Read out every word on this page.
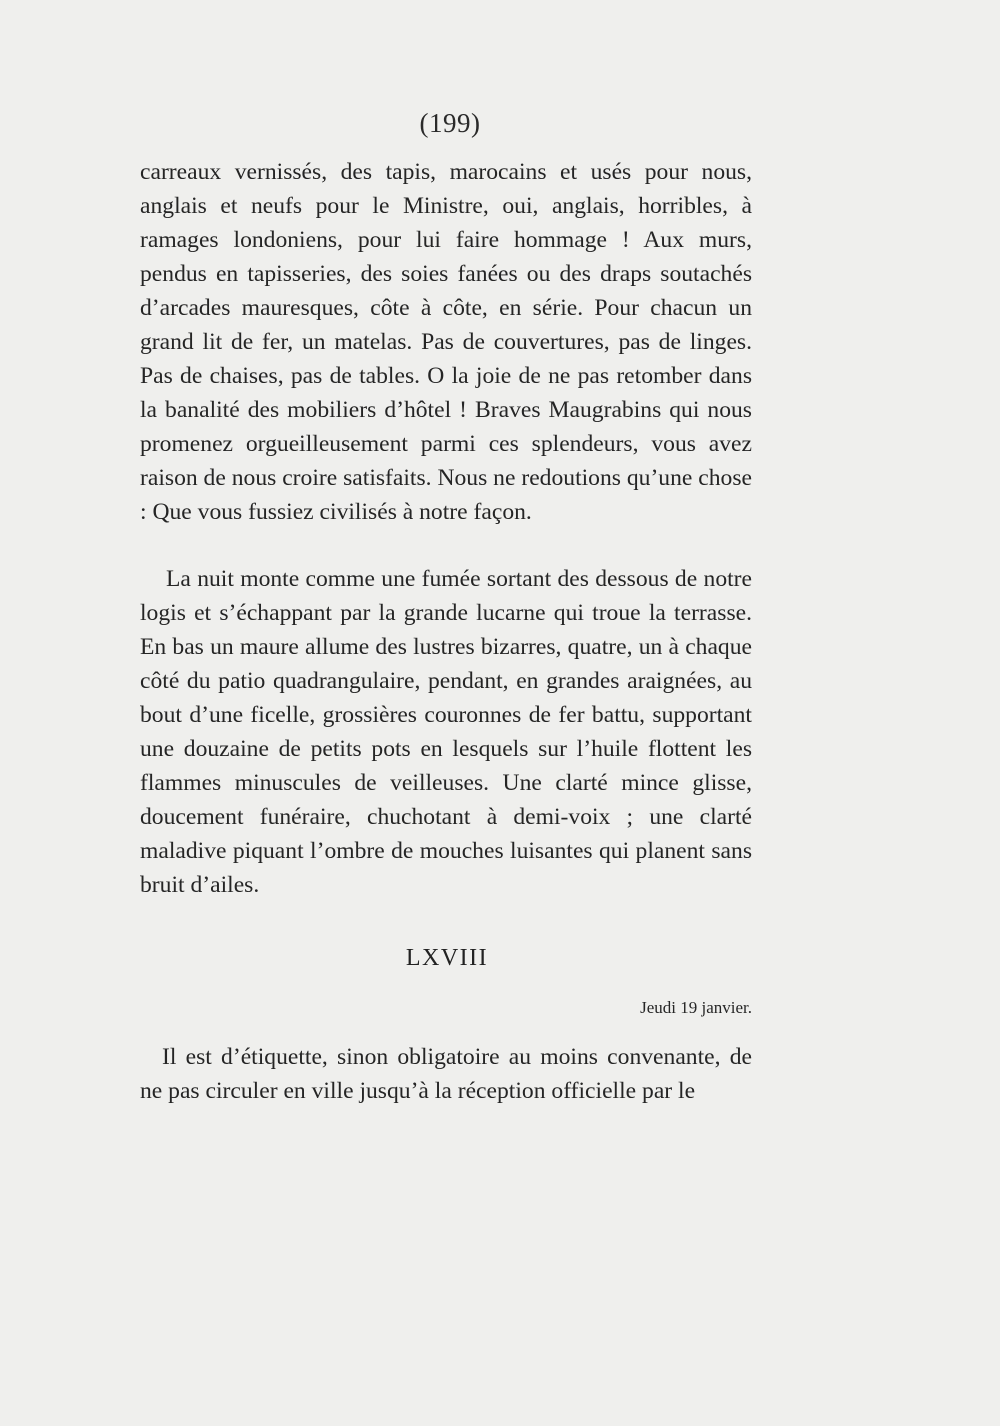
(199)

carreaux vernissés, des tapis, marocains et usés pour nous, anglais et neufs pour le Ministre, oui, anglais, horribles, à ramages londoniens, pour lui faire hommage ! Aux murs, pendus en tapisseries, des soies fanées ou des draps soutachés d’arcades mauresques, côte à côte, en série. Pour chacun un grand lit de fer, un matelas. Pas de couvertures, pas de linges. Pas de chaises, pas de tables. O la joie de ne pas retomber dans la banalité des mobiliers d’hôtel ! Braves Maugrabins qui nous promenez orgueilleusement parmi ces splendeurs, vous avez raison de nous croire satisfaits. Nous ne redoutions qu’une chose : Que vous fussiez civilisés à notre façon.

La nuit monte comme une fumée sortant des dessous de notre logis et s’échappant par la grande lucarne qui troue la terrasse. En bas un maure allume des lustres bizarres, quatre, un à chaque côté du patio quadrangulaire, pendant, en grandes araignées, au bout d’une ficelle, grossières couronnes de fer battu, supportant une douzaine de petits pots en lesquels sur l’huile flottent les flammes minuscules de veilleuses. Une clarté mince glisse, doucement funéraire, chuchotant à demi-voix ; une clarté maladive piquant l’ombre de mouches luisantes qui planent sans bruit d’ailes.

LXVIII
Jeudi 19 janvier.

Il est d’étiquette, sinon obligatoire au moins convenante, de ne pas circuler en ville jusqu’à la réception officielle par le
